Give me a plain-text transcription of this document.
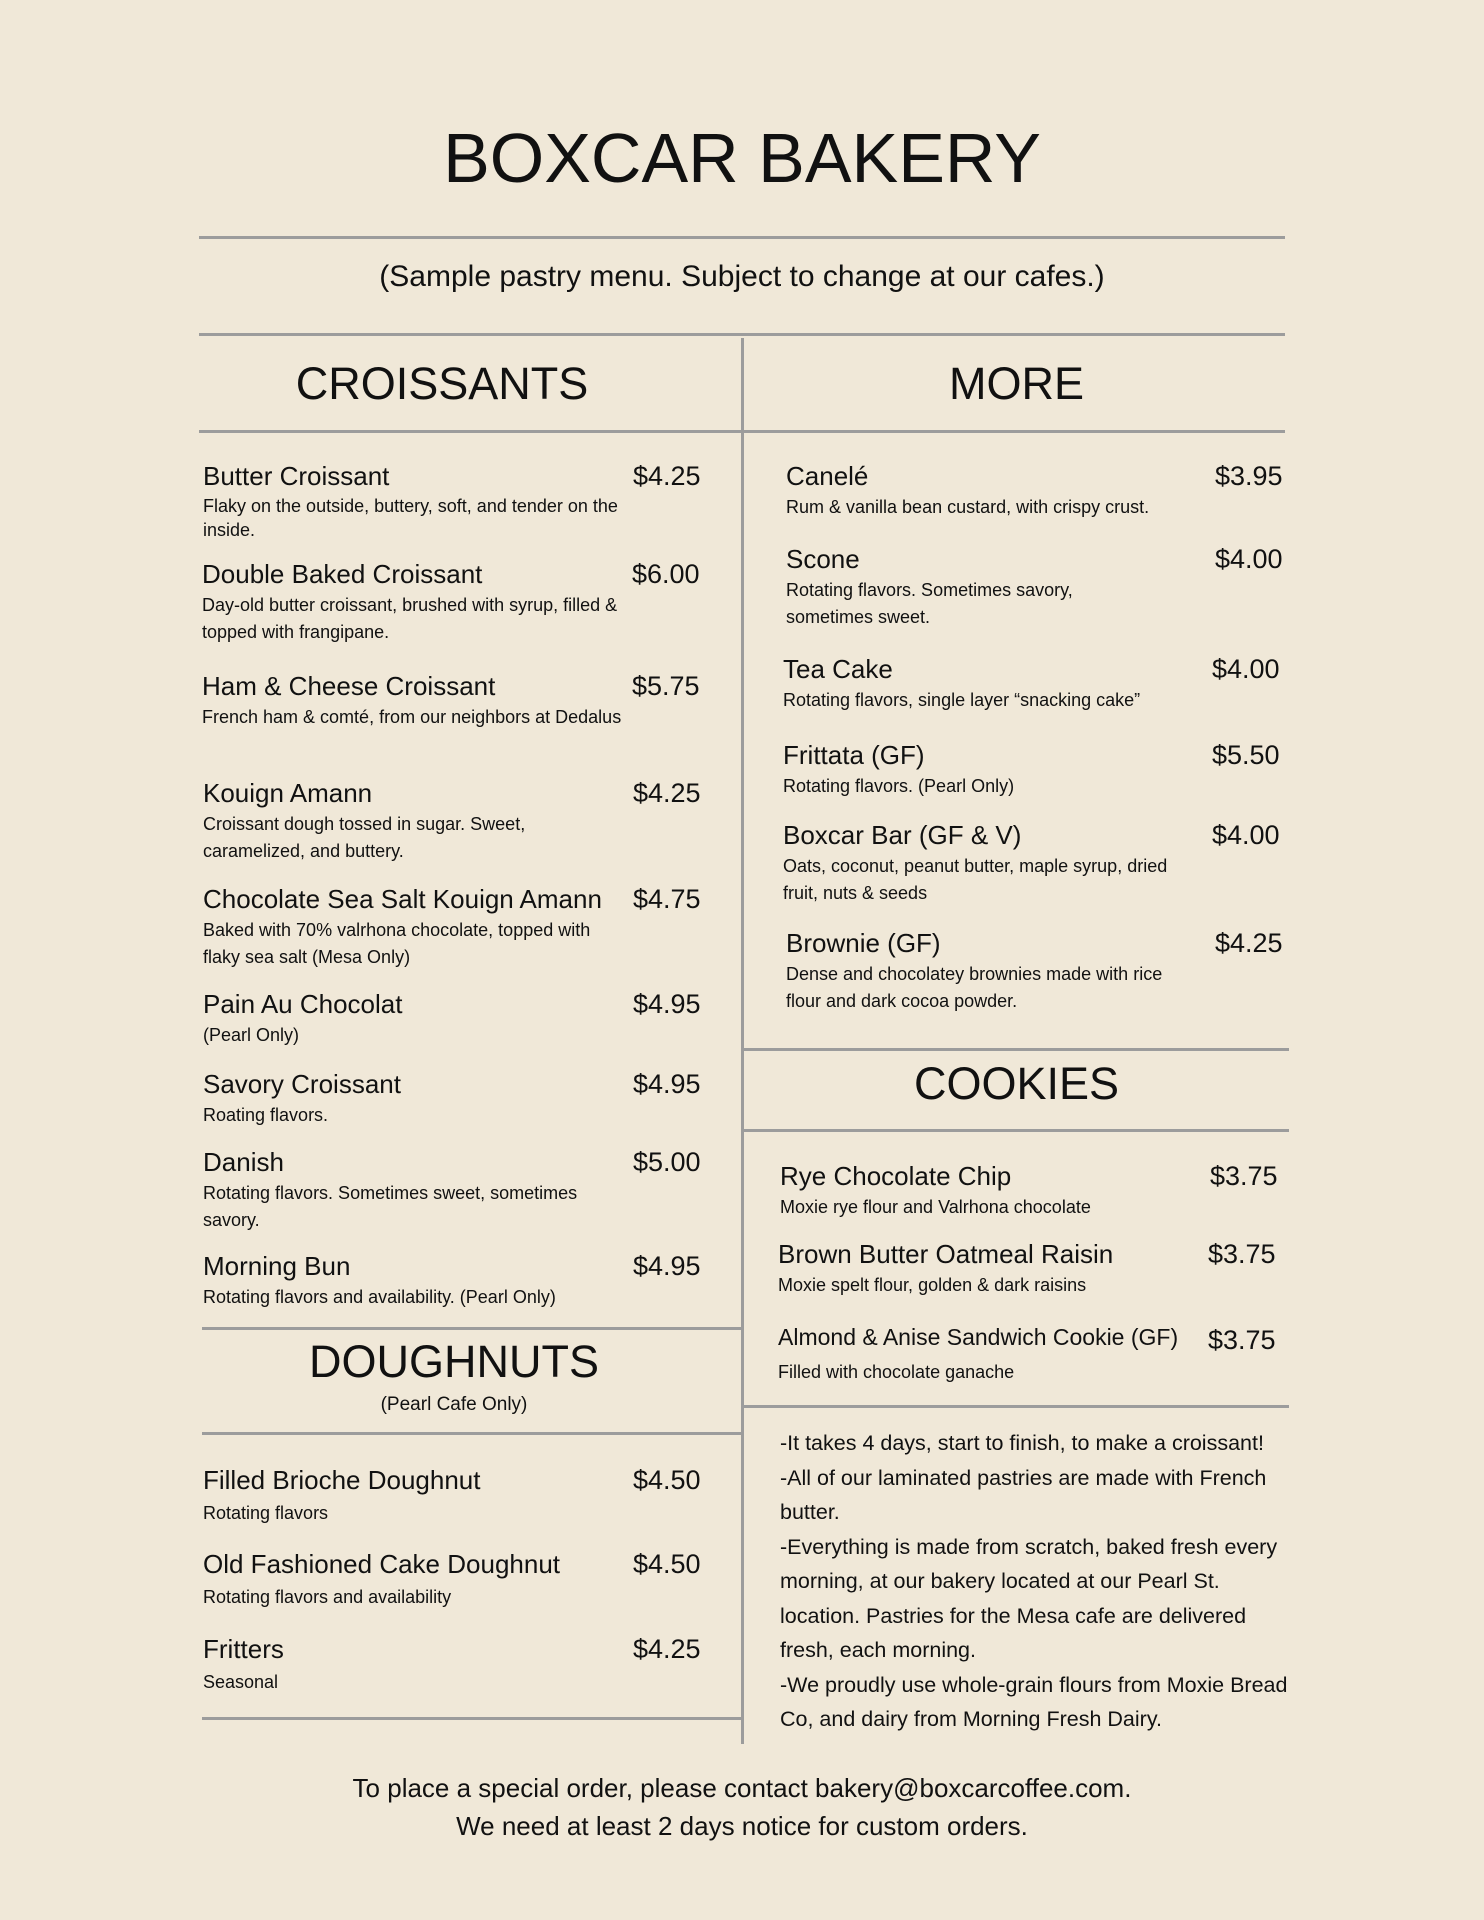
BOXCAR BAKERY
(Sample pastry menu. Subject to change at our cafes.)
CROISSANTS
Butter Croissant
Flaky on the outside, buttery, soft, and tender on the inside.
$4.25
Double Baked Croissant
Day-old butter croissant, brushed with syrup, filled & topped with frangipane.
$6.00
Ham & Cheese Croissant
French ham & comté, from our neighbors at Dedalus
$5.75
Kouign Amann
Croissant dough tossed in sugar. Sweet, caramelized, and buttery.
$4.25
Chocolate Sea Salt Kouign Amann
Baked with 70% valrhona chocolate, topped with flaky sea salt (Mesa Only)
$4.75
Pain Au Chocolat
(Pearl Only)
$4.95
Savory Croissant
Roating flavors.
$4.95
Danish
Rotating flavors. Sometimes sweet, sometimes savory.
$5.00
Morning Bun
Rotating flavors and availability. (Pearl Only)
$4.95
DOUGHNUTS
(Pearl Cafe Only)
Filled Brioche Doughnut
Rotating flavors
$4.50
Old Fashioned Cake Doughnut
Rotating flavors and availability
$4.50
Fritters
Seasonal
$4.25
MORE
Canelé
Rum & vanilla bean custard, with crispy crust.
$3.95
Scone
Rotating flavors. Sometimes savory, sometimes sweet.
$4.00
Tea Cake
Rotating flavors, single layer “snacking cake”
$4.00
Frittata (GF)
Rotating flavors. (Pearl Only)
$5.50
Boxcar Bar (GF & V)
Oats, coconut, peanut butter, maple syrup, dried fruit, nuts & seeds
$4.00
Brownie (GF)
Dense and chocolatey brownies made with rice flour and dark cocoa powder.
$4.25
COOKIES
Rye Chocolate Chip
Moxie rye flour and Valrhona chocolate
$3.75
Brown Butter Oatmeal Raisin
Moxie spelt flour, golden & dark raisins
$3.75
Almond & Anise Sandwich Cookie (GF)
Filled with chocolate ganache
$3.75

-It takes 4 days, start to finish, to make a croissant!

-All of our laminated pastries are made with French butter.

-Everything is made from scratch, baked fresh every morning, at our bakery located at our Pearl St. location. Pastries for the Mesa cafe are delivered fresh, each morning.

-We proudly use whole-grain flours from Moxie Bread Co, and dairy from Morning Fresh Dairy.

To place a special order, please contact bakery@boxcarcoffee.com.
We need at least 2 days notice for custom orders.
